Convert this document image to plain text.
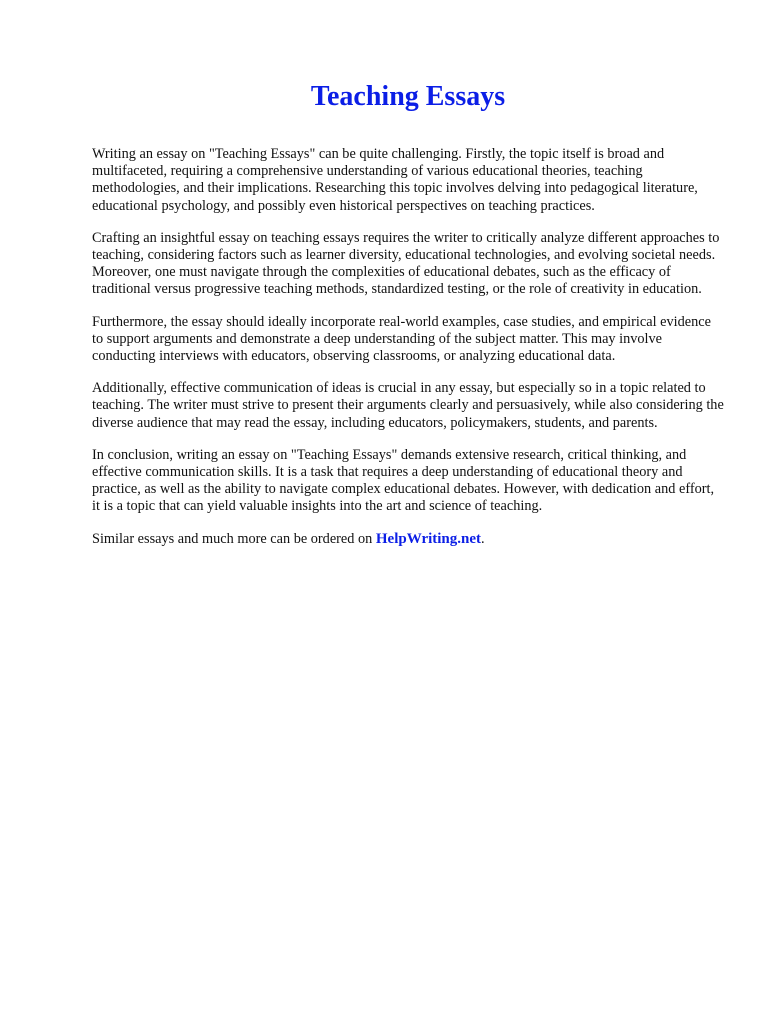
Teaching Essays

Writing an essay on "Teaching Essays" can be quite challenging. Firstly, the topic itself is broad and multifaceted, requiring a comprehensive understanding of various educational theories, teaching methodologies, and their implications. Researching this topic involves delving into pedagogical literature, educational psychology, and possibly even historical perspectives on teaching practices.

Crafting an insightful essay on teaching essays requires the writer to critically analyze different approaches to teaching, considering factors such as learner diversity, educational technologies, and evolving societal needs. Moreover, one must navigate through the complexities of educational debates, such as the efficacy of traditional versus progressive teaching methods, standardized testing, or the role of creativity in education.

Furthermore, the essay should ideally incorporate real-world examples, case studies, and empirical evidence to support arguments and demonstrate a deep understanding of the subject matter. This may involve conducting interviews with educators, observing classrooms, or analyzing educational data.

Additionally, effective communication of ideas is crucial in any essay, but especially so in a topic related to teaching. The writer must strive to present their arguments clearly and persuasively, while also considering the diverse audience that may read the essay, including educators, policymakers, students, and parents.

In conclusion, writing an essay on "Teaching Essays" demands extensive research, critical thinking, and effective communication skills. It is a task that requires a deep understanding of educational theory and practice, as well as the ability to navigate complex educational debates. However, with dedication and effort, it is a topic that can yield valuable insights into the art and science of teaching.

Similar essays and much more can be ordered on HelpWriting.net.
